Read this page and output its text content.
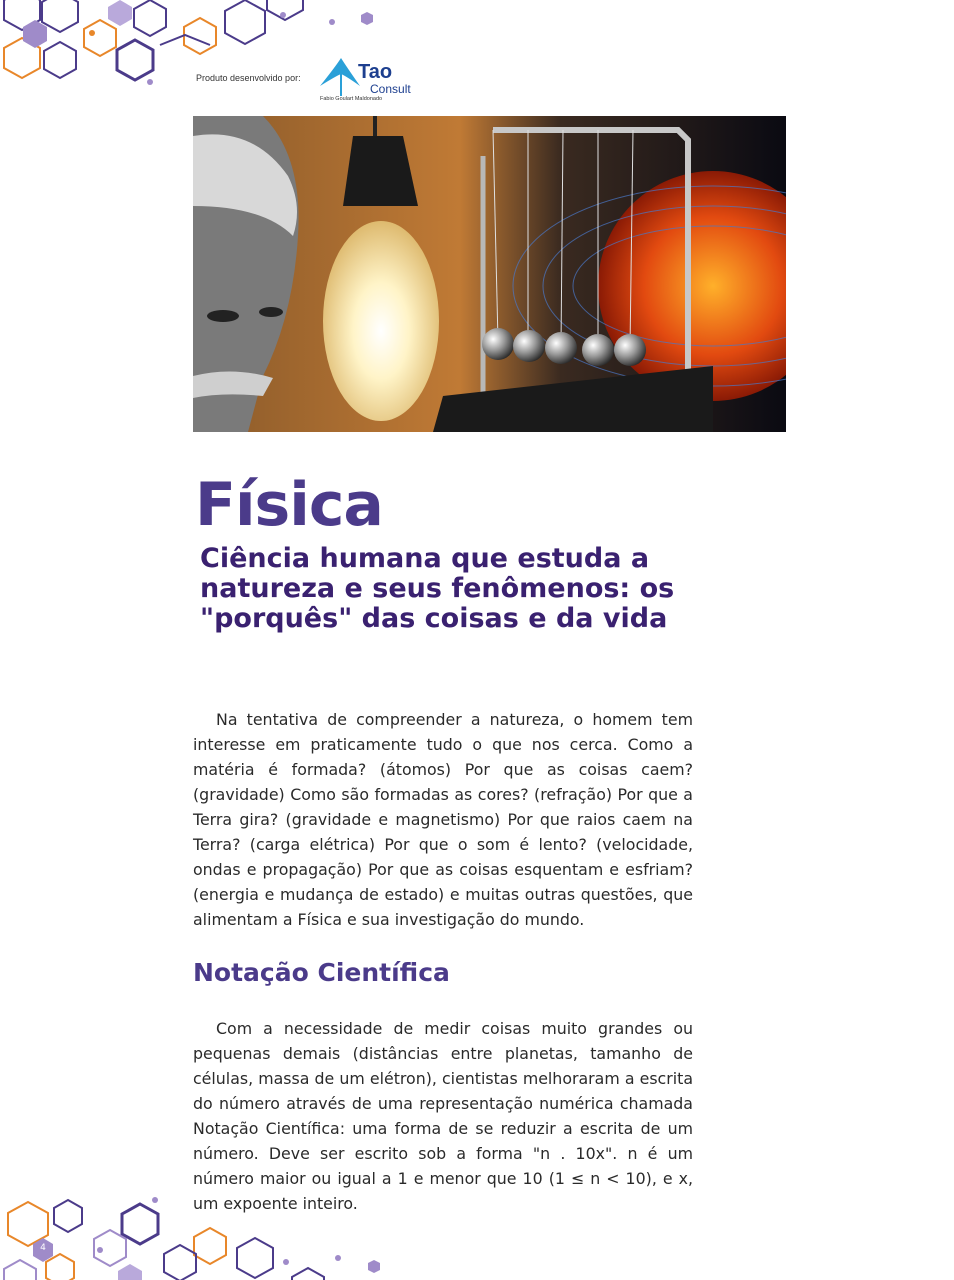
Produto desenvolvido por:	Tao
Consult
Fabio Goulart Maldonado
Física
Ciência humana que estuda a natureza e seus fenômenos: os "porquês" das coisas e da vida

Na tentativa de compreender a natureza, o homem tem interesse em praticamente tudo o que nos cerca. Como a matéria é formada? (átomos) Por que as coisas caem? (gravidade) Como são formadas as cores? (refração) Por que a Terra gira? (gravidade e magnetismo) Por que raios caem na Terra? (carga elétrica) Por que o som é lento? (velocidade, ondas e propagação) Por que as coisas esquentam e esfriam? (energia e mudança de estado) e muitas outras questões, que alimentam a Física e sua investigação do mundo.

Notação Científica

Com a necessidade de medir coisas muito grandes ou pequenas demais (distâncias entre planetas, tamanho de células, massa de um elétron), cientistas melhoraram a escrita do número através de uma representação numérica chamada Notação Científica: uma forma de se reduzir a escrita de um número. Deve ser escrito sob a forma "n . 10x". n é um número maior ou igual a 1 e menor que 10 (1 ≤ n < 10), e x, um expoente inteiro.

4
